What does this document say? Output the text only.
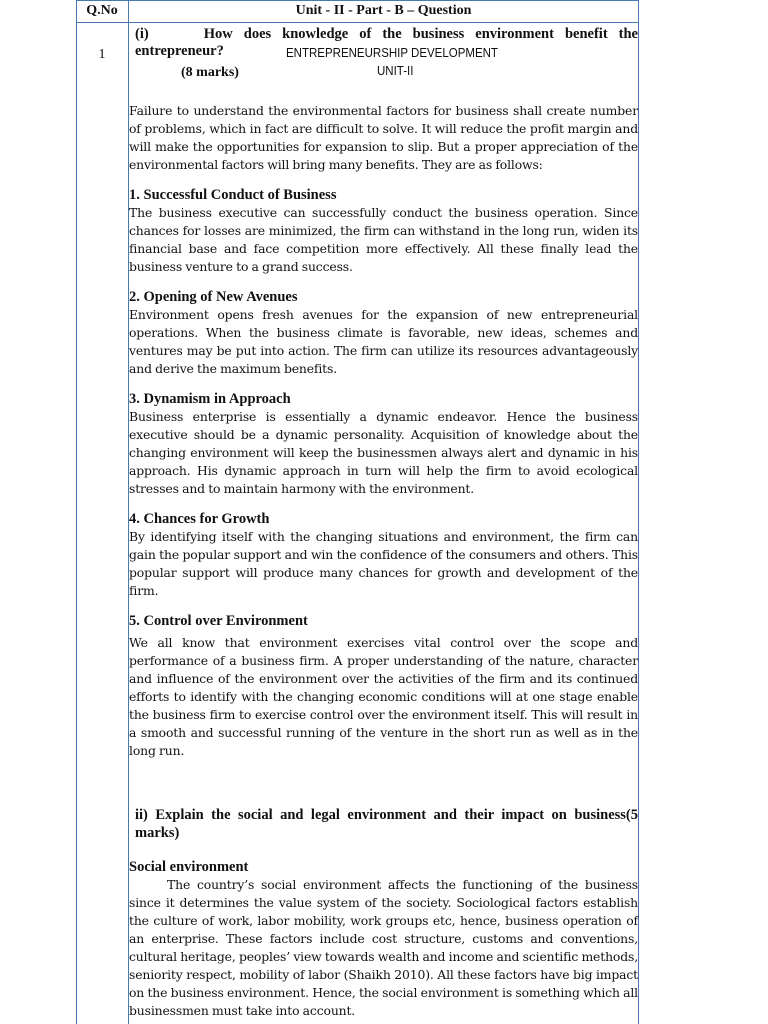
Q.No	Unit - II - Part - B – Question
1
(i)     How does knowledge of the business environment benefit the entrepreneur?	ENTREPRENEURSHIP DEVELOPMENT
UNIT-II
(8 marks)

Failure to understand the environmental factors for business shall create number of problems, which in fact are difficult to solve. It will reduce the profit margin and will make the opportunities for expansion to slip. But a proper appreciation of the environmental factors will bring many benefits. They are as follows:

1. Successful Conduct of Business

The business executive can successfully conduct the business operation. Since chances for losses are minimized, the firm can withstand in the long run, widen its financial base and face competition more effectively. All these finally lead the business venture to a grand success.

2. Opening of New Avenues

Environment opens fresh avenues for the expansion of new entrepreneurial operations. When the business climate is favorable, new ideas, schemes and ventures may be put into action. The firm can utilize its resources advantageously and derive the maximum benefits.

3. Dynamism in Approach

Business enterprise is essentially a dynamic endeavor. Hence the business executive should be a dynamic personality. Acquisition of knowledge about the changing environment will keep the businessmen always alert and dynamic in his approach. His dynamic approach in turn will help the firm to avoid ecological stresses and to maintain harmony with the environment.

4. Chances for Growth

By identifying itself with the changing situations and environment, the firm can gain the popular support and win the confidence of the consumers and others. This popular support will produce many chances for growth and development of the firm.

5. Control over Environment

We all know that environment exercises vital control over the scope and performance of a business firm. A proper understanding of the nature, character and influence of the environment over the activities of the firm and its continued efforts to identify with the changing economic conditions will at one stage enable the business firm to exercise control over the environment itself. This will result in a smooth and successful running of the venture in the short run as well as in the long run.

ii) Explain the social and legal environment and their impact on business(5 marks)

Social environment

The country’s social environment affects the functioning of the business since it determines the value system of the society. Sociological factors establish the culture of work, labor mobility, work groups etc, hence, business operation of an enterprise. These factors include cost structure, customs and conventions, cultural heritage, peoples’ view towards wealth and income and scientific methods, seniority respect, mobility of labor (Shaikh 2010). All these factors have big impact on the business environment. Hence, the social environment is something which all businessmen must take into account.
